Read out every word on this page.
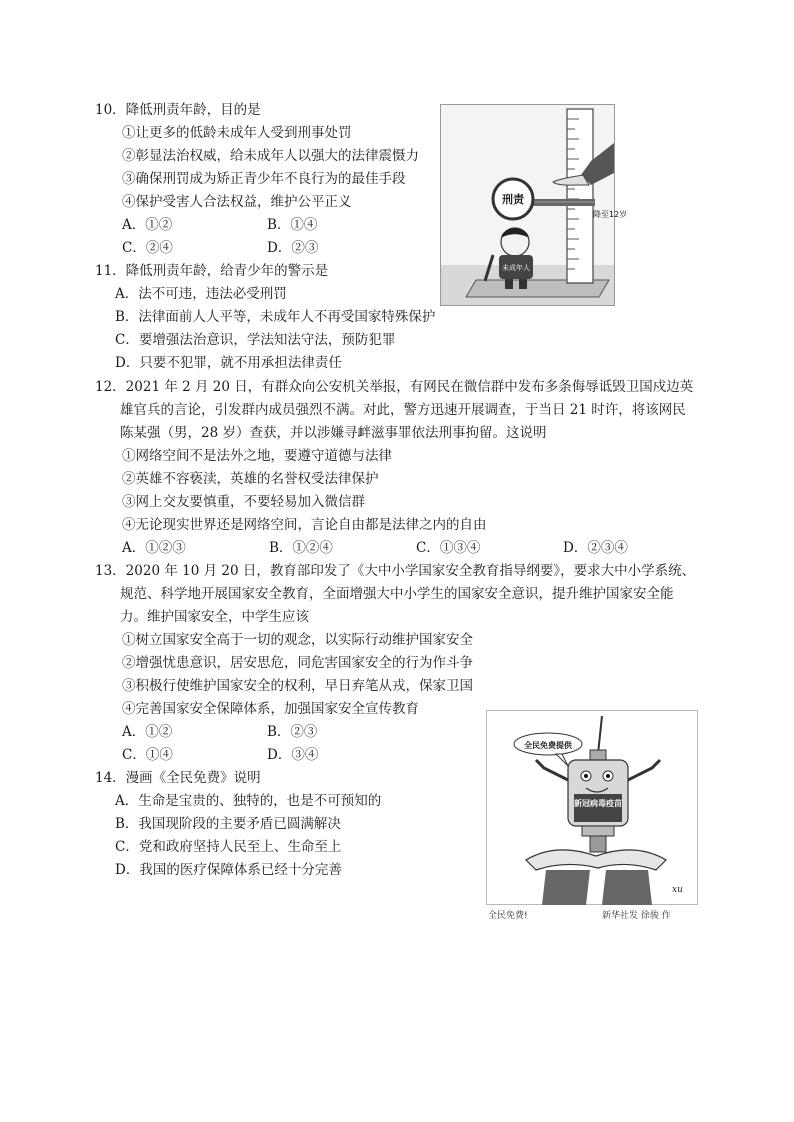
10．降低刑责年龄，目的是
①让更多的低龄未成年人受到刑事处罚
②彰显法治权威，给未成年人以强大的法律震慑力
③确保刑罚成为矫正青少年不良行为的最佳手段
④保护受害人合法权益，维护公平正义
A．①②	B．①④
C．②④	D．②③
刑责
降至12岁
未成年人
11．降低刑责年龄，给青少年的警示是
A．法不可违，违法必受刑罚
B．法律面前人人平等，未成年人不再受国家特殊保护
C．要增强法治意识，学法知法守法，预防犯罪
D．只要不犯罪，就不用承担法律责任
12．2021 年 2 月 20 日，有群众向公安机关举报，有网民在微信群中发布多条侮辱诋毁卫国戍边英
雄官兵的言论，引发群内成员强烈不满。对此，警方迅速开展调查，于当日 21 时许，将该网民
陈某强（男，28 岁）查获，并以涉嫌寻衅滋事罪依法刑事拘留。这说明
①网络空间不是法外之地，要遵守道德与法律
②英雄不容亵渎，英雄的名誉权受法律保护
③网上交友要慎重，不要轻易加入微信群
④无论现实世界还是网络空间，言论自由都是法律之内的自由
A．①②③	B．①②④	C．①③④	D．②③④
13．2020 年 10 月 20 日，教育部印发了《大中小学国家安全教育指导纲要》，要求大中小学系统、
规范、科学地开展国家安全教育，全面增强大中小学生的国家安全意识，提升维护国家安全能
力。维护国家安全，中学生应该
①树立国家安全高于一切的观念，以实际行动维护国家安全
②增强忧患意识，居安思危，同危害国家安全的行为作斗争
③积极行使维护国家安全的权利，早日弃笔从戎，保家卫国
④完善国家安全保障体系，加强国家安全宣传教育
A．①②	B．②③
C．①④	D．③④
全民免费提供
新冠病毒疫苗
xu
全民免费!	新华社发 徐骏 作
14．漫画《全民免费》说明
A．生命是宝贵的、独特的，也是不可预知的
B．我国现阶段的主要矛盾已圆满解决
C．党和政府坚持人民至上、生命至上
D．我国的医疗保障体系已经十分完善
